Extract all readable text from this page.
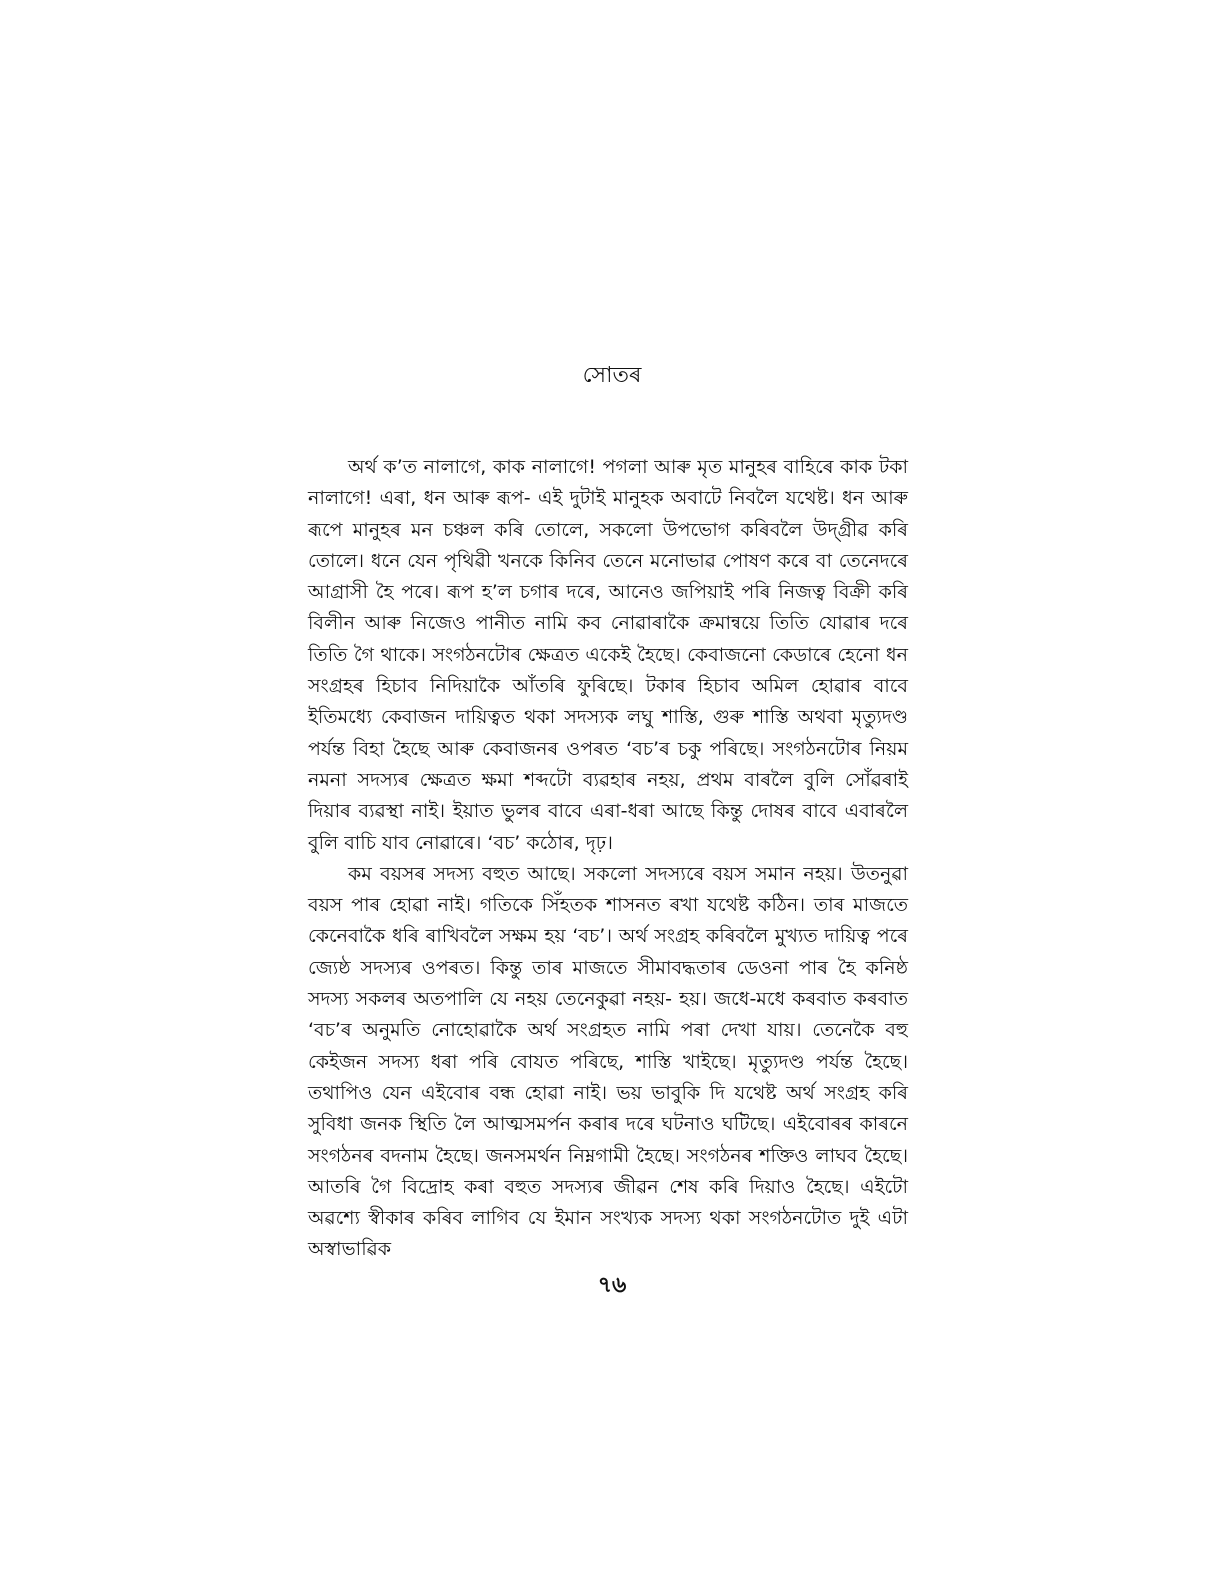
সোতৰ

অৰ্থ ক’ত নালাগে, কাক নালাগে! পগলা আৰু মৃত মানুহৰ বাহিৰে কাক টকা নালাগে! এৰা, ধন আৰু ৰূপ- এই দুটাই মানুহক অবাটে নিবলৈ যথেষ্ট। ধন আৰু ৰূপে মানুহৰ মন চঞ্চল কৰি তোলে, সকলো উপভোগ কৰিবলৈ উদ্‌গ্ৰীৱ কৰি তোলে। ধনে যেন পৃথিৱী খনকে কিনিব তেনে মনোভাৱ পোষণ কৰে বা তেনেদৰে আগ্ৰাসী হৈ পৰে। ৰূপ হ’ল চগাৰ দৰে, আনেও জপিয়াই পৰি নিজত্ব বিক্ৰী কৰি বিলীন আৰু নিজেও পানীত নামি কব নোৱাৰাকৈ ক্ৰমান্বয়ে তিতি যোৱাৰ দৰে তিতি গৈ থাকে। সংগঠনটোৰ ক্ষেত্ৰত একেই হৈছে। কেবাজনো কেডাৰে হেনো ধন সংগ্ৰহৰ হিচাব নিদিয়াকৈ আঁতৰি ফুৰিছে। টকাৰ হিচাব অমিল হোৱাৰ বাবে ইতিমধ্যে কেবাজন দায়িত্বত থকা সদস্যক লঘু শাস্তি, গুৰু শাস্তি অথবা মৃত্যুদণ্ড পৰ্যন্ত বিহা হৈছে আৰু কেবাজনৰ ওপৰত ‘বচ’ৰ চকু পৰিছে। সংগঠনটোৰ নিয়ম নমনা সদস্যৰ ক্ষেত্ৰত ক্ষমা শব্দটো ব্যৱহাৰ নহয়, প্ৰথম বাৰলৈ বুলি সোঁৱৰাই দিয়াৰ ব্যৱস্থা নাই। ইয়াত ভুলৰ বাবে এৰা-ধৰা আছে কিন্তু দোষৰ বাবে এবাৰলৈ বুলি বাচি যাব নোৱাৰে। ‘বচ’ কঠোৰ, দৃঢ়।

কম বয়সৰ সদস্য বহুত আছে। সকলো সদস্যৰে বয়স সমান নহয়। উতনুৱা বয়স পাৰ হোৱা নাই। গতিকে সিঁহতক শাসনত ৰখা যথেষ্ট কঠিন। তাৰ মাজতে কেনেবাকৈ ধৰি ৰাখিবলৈ সক্ষম হয় ‘বচ’। অৰ্থ সংগ্ৰহ কৰিবলৈ মুখ্যত দায়িত্ব পৰে জ্যেষ্ঠ সদস্যৰ ওপৰত। কিন্তু তাৰ মাজতে সীমাবদ্ধতাৰ ডেওনা পাৰ হৈ কনিষ্ঠ সদস্য সকলৰ অতপালি যে নহয় তেনেকুৱা নহয়- হয়। জধে-মধে কৰবাত কৰবাত ‘বচ’ৰ অনুমতি নোহোৱাকৈ অৰ্থ সংগ্ৰহত নামি পৰা দেখা যায়। তেনেকৈ বহু কেইজন সদস্য ধৰা পৰি বোযত পৰিছে, শাস্তি খাইছে। মৃত্যুদণ্ড পৰ্যন্ত হৈছে। তথাপিও যেন এইবোৰ বন্ধ হোৱা নাই। ভয় ভাবুকি দি যথেষ্ট অৰ্থ সংগ্ৰহ কৰি সুবিধা জনক স্থিতি লৈ আত্মসমৰ্পন কৰাৰ দৰে ঘটনাও ঘটিছে। এইবোৰৰ কাৰনে সংগঠনৰ বদনাম হৈছে। জনসমৰ্থন নিম্নগামী হৈছে। সংগঠনৰ শক্তিও লাঘব হৈছে। আতৰি গৈ বিদ্ৰোহ কৰা বহুত সদস্যৰ জীৱন শেষ কৰি দিয়াও হৈছে। এইটো অৱশ্যে স্বীকাৰ কৰিব লাগিব যে ইমান সংখ্যক সদস্য থকা সংগঠনটোত দুই এটা অস্বাভাৱিক

৭৬
